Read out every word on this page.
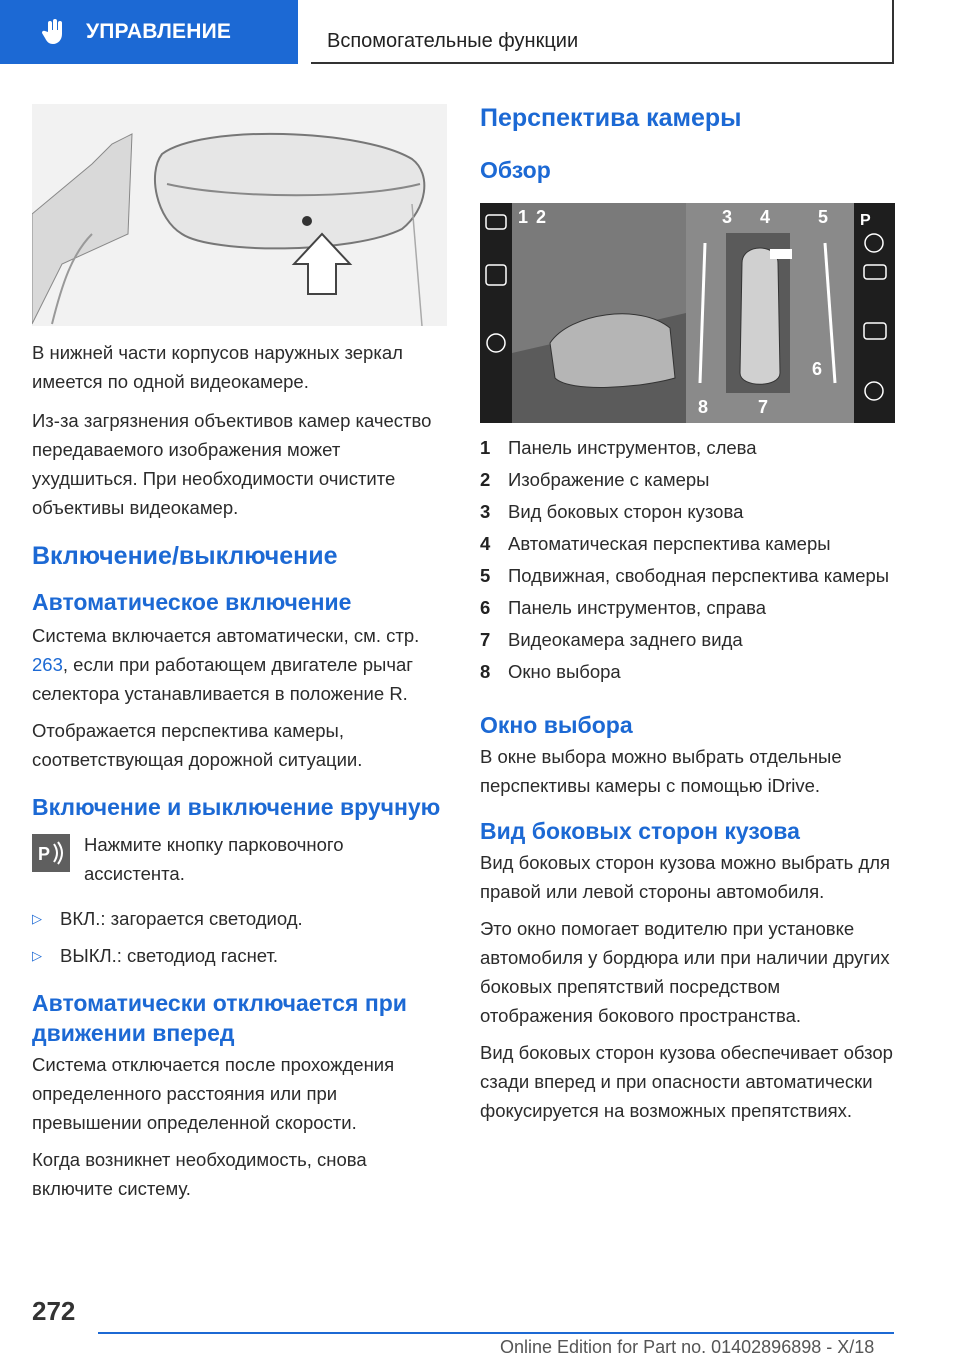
УПРАВЛЕНИЕ	Вспомогательные функции

В нижней части корпусов наружных зеркал имеется по одной видеокамере.

Из-за загрязнения объективов камер качество передаваемого изображения может ухудшиться. При необходимости очистите объективы видеокамер.

Включение/выключение
Автоматическое включение

Система включается автоматически, см. стр. 263, если при работающем двигателе рычаг селектора устанавливается в положение R.

Отображается перспектива камеры, соответствующая дорожной ситуации.

Включение и выключение вручную
P Нажмите кнопку парковочного ассистента.

▷ ВКЛ.: загорается светодиод.
▷ ВЫКЛ.: светодиод гаснет.
Автоматически отключается при движении вперед

Система отключается после прохождения определенного расстояния или при превышении определенной скорости.

Когда возникнет необходимость, снова включите систему.

Перспектива камеры
Обзор
1 2	3 4	5
6
7
8
P
1 Панель инструментов, слева
2 Изображение с камеры
3 Вид боковых сторон кузова
4 Автоматическая перспектива камеры
5 Подвижная, свободная перспектива камеры
6 Панель инструментов, справа
7 Видеокамера заднего вида
8 Окно выбора
Окно выбора

В окне выбора можно выбрать отдельные перспективы камеры с помощью iDrive.

Вид боковых сторон кузова

Вид боковых сторон кузова можно выбрать для правой или левой стороны автомобиля.

Это окно помогает водителю при установке автомобиля у бордюра или при наличии других боковых препятствий посредством отображения бокового пространства.

Вид боковых сторон кузова обеспечивает обзор сзади вперед и при опасности автоматически фокусируется на возможных препятствиях.

272
Online Edition for Part no. 01402896898 - X/18
